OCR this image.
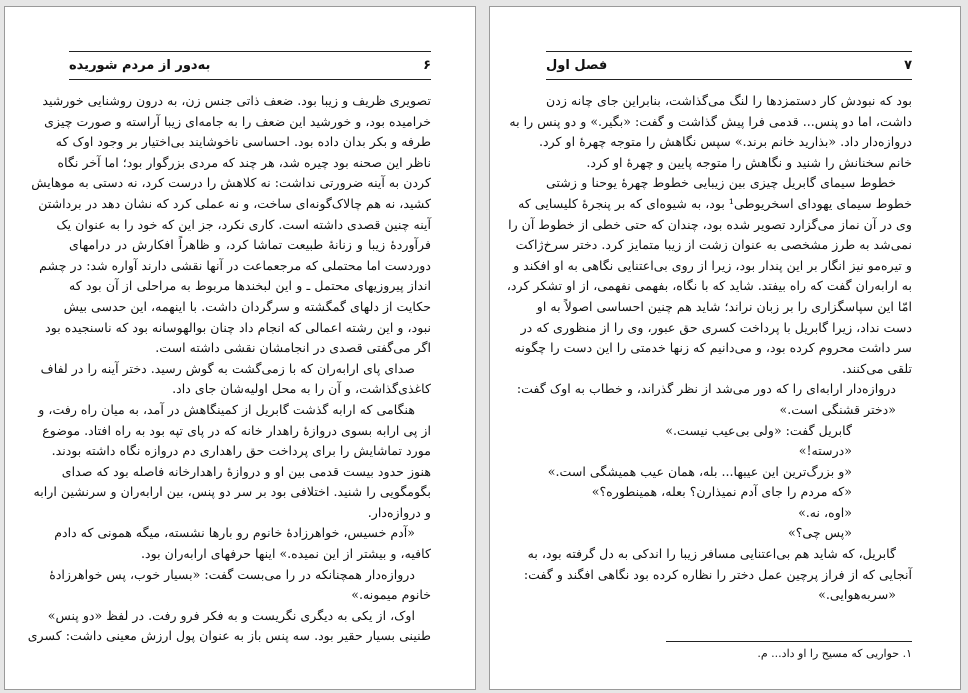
۶
به‌دور از مردم شوریده
تصویری ظریف و زیبا بود. ضعف ذاتی جنس زن، به درون روشنایی خورشید
خرامیده بود، و خورشید این ضعف را به جامه‌ای زیبا آراسته و صورت چیزی
طرفه و بکر بدان داده بود. احساسی ناخوشایند بی‌اختیار بر وجود اوک که
ناظر این صحنه بود چیره شد، هر چند که مردی بزرگوار بود؛ اما آخر نگاه
کردن به آینه ضرورتی نداشت: نه کلاهش را درست کرد، نه دستی به موهایش
کشید، نه هم چالاک‌گونه‌ای ساخت، و نه عملی کرد که نشان دهد در برداشتن
آینه چنین قصدی داشته است. کاری نکرد، جز این که خود را به عنوان یک
فرآوردهٔ زیبا و زنانهٔ طبیعت تماشا کرد، و ظاهراً افکارش در درامهای
دوردست اما محتملی که مرجعماعت در آنها نقشی دارند آواره شد: در چشم
انداز پیروزیهای محتمل ـ و این لبخندها مربوط به مراحلی از آن بود که
حکایت از دلهای گمگشته و سرگردان داشت. با اینهمه، این حدسی بیش
نبود، و این رشته اعمالی که انجام داد چنان بوالهوسانه بود که ناسنجیده بود
اگر می‌گفتی قصدی در انجامشان نقشی داشته است.
صدای پای ارابه‌ران که با زمی‌گشت به گوش رسید. دختر آینه را در لفاف
کاغذی‌گذاشت، و آن را به محل اولیه‌شان جای داد.
هنگامی که ارابه گذشت گابریل از کمینگاهش در آمد، به میان راه رفت، و
از پی ارابه بسوی دروازهٔ راهدار خانه که در پای تپه بود به راه افتاد. موضوع
مورد تماشایش را برای پرداخت حق راهداری دم دروازه نگاه داشته بودند.
هنوز حدود بیست قدمی بین او و دروازهٔ راهدارخانه فاصله بود که صدای
بگومگویی را شنید. اختلافی بود بر سر دو پنس، بین ارابه‌ران و سرنشین ارابه
و دروازه‌دار.
«آدم خسیس، خواهرزادهٔ خانوم رو بارها نشسته، میگه همونی که دادم
کافیه، و بیشتر از این نمیده.» اینها حرفهای ارابه‌ران بود.
دروازه‌دار همچنانکه در را می‌بست گفت: «بسیار خوب، پس خواهرزادهٔ
خانوم میمونه.»
اوک، از یکی به دیگری نگریست و به فکر فرو رفت. در لفظ «دو پنس»
طنینی بسیار حقیر بود. سه پنس باز به عنوان پول ارزش معینی داشت: کسری
۷
فصل اول
بود که نبودش کار دستمزدها را لنگ می‌گذاشت، بنابراین جای چانه زدن
داشت، اما دو پنس... قدمی فرا پیش گذاشت و گفت: «بگیر.» و دو پنس را به
دروازه‌دار داد. «بذارید خانم برند.» سپس نگاهش را متوجه چهرهٔ او کرد.
خانم سخنانش را شنید و نگاهش را متوجه پایین و چهرهٔ او کرد.
خطوط سیمای گابریل چیزی بین زیبایی خطوط چهرهٔ یوحنا و زشتی
خطوط سیمای یهودای اسخریوطی¹ بود، به شیوه‌ای که بر پنجرهٔ کلیسایی که
وی در آن نماز می‌گزارد تصویر شده بود، چندان که حتی خطی از خطوط آن را
نمی‌شد به طرز مشخصی به عنوان زشت از زیبا متمایز کرد. دختر سرخ‌ژاکت
و تیره‌مو نیز انگار بر این پندار بود، زیرا از روی بی‌اعتنایی نگاهی به او افکند و
به ارابه‌ران گفت که راه بیفتد. شاید که با نگاه، بفهمی نفهمی، از او تشکر کرد،
امّا این سپاسگزاری را بر زبان نراند؛ شاید هم چنین احساسی اصولاً به او
دست نداد، زیرا گابریل با پرداخت کسری حق عبور، وی را از منظوری که در
سر داشت محروم کرده بود، و می‌دانیم که زنها خدمتی را این دست را چگونه
تلقی می‌کنند.
دروازه‌دار ارابه‌ای را که دور می‌شد از نظر گذراند، و خطاب به اوک گفت:
«دختر قشنگی است.»
گابریل گفت: «ولی بی‌عیب نیست.»
«درسته!»
«و بزرگ‌ترین این عیبها... بله، همان عیب همیشگی است.»
«که مردم را جای آدم نمیذارن؟ بعله، همینطوره؟»
«اوه، نه.»
«پس چی؟»
گابریل، که شاید هم بی‌اعتنایی مسافر زیبا را اندکی به دل گرفته بود، به
آنجایی که از فراز پرچین عمل دختر را نظاره کرده بود نگاهی افگند و گفت:
«سربه‌هوایی.»
۱. حواریی که مسیح را او داد... م.
